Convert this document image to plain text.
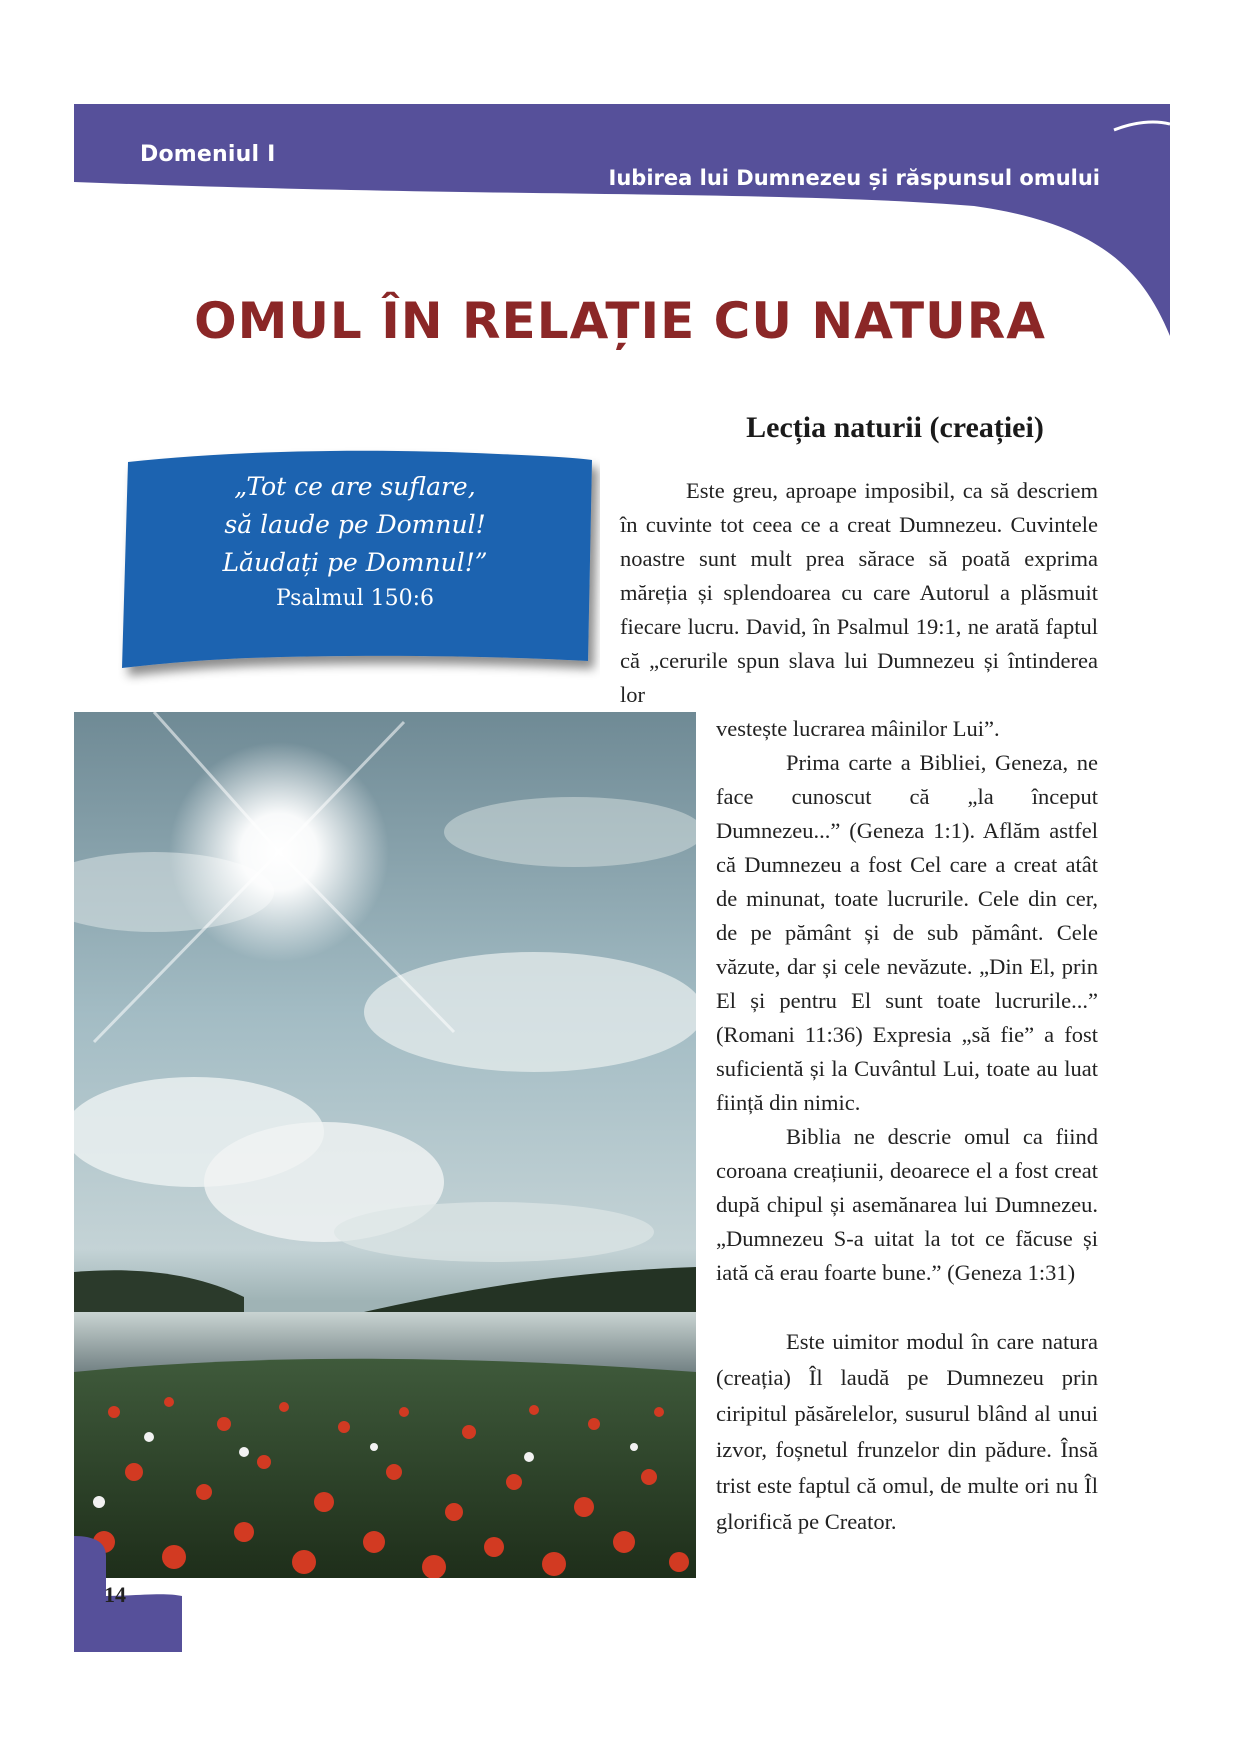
Domeniul I
Iubirea lui Dumnezeu și răspunsul omului
OMUL ÎN RELAȚIE CU NATURA
„Tot ce are suflare,
să laude pe Domnul!
Lăudați pe Domnul!”
Psalmul 150:6
Lecția naturii (creației)

Este greu, aproape imposibil, ca să descriem în cuvinte tot ceea ce a creat Dumnezeu. Cuvintele noastre sunt mult prea sărace să poată exprima măreția și splendoarea cu care Autorul a plăsmuit fiecare lucru. David, în Psalmul 19:1, ne arată faptul că „cerurile spun slava lui Dumnezeu și întinderea lor

vestește lucrarea mâinilor Lui”.

Prima carte a Bibliei, Geneza, ne face cunoscut că „la început Dumnezeu...” (Geneza 1:1). Aflăm astfel că Dumnezeu a fost Cel care a creat atât de minunat, toate lucrurile. Cele din cer, de pe pământ și de sub pământ. Cele văzute, dar și cele nevăzute. „Din El, prin El și pentru El sunt toate lucrurile...” (Romani 11:36) Expresia „să fie” a fost suficientă și la Cuvântul Lui, toate au luat ființă din nimic.

Biblia ne descrie omul ca fiind coroana creațiunii, deoarece el a fost creat după chipul și asemănarea lui Dumnezeu. „Dumnezeu S-a uitat la tot ce făcuse și iată că erau foarte bune.” (Geneza 1:31)

Este uimitor modul în care natura (creația) Îl laudă pe Dumnezeu prin ciripitul păsărelelor, susurul blând al unui izvor, foșnetul frunzelor din pădure. Însă trist este faptul că omul, de multe ori nu Îl glorifică pe Creator.

14
